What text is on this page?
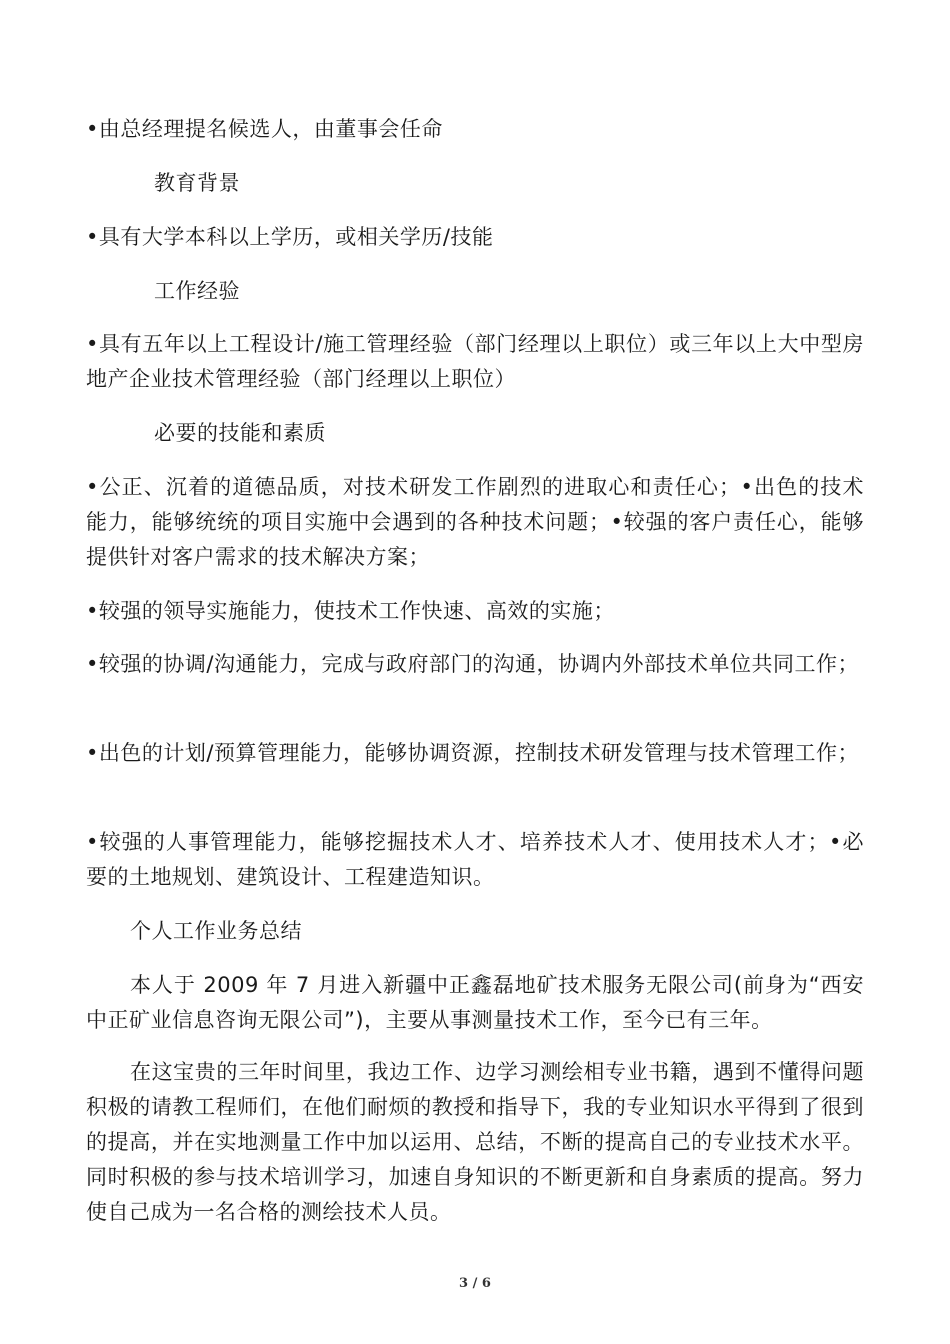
•由总经理提名候选人，由董事会任命

教育背景

•具有大学本科以上学历，或相关学历/技能

工作经验

•具有五年以上工程设计/施工管理经验（部门经理以上职位）或三年以上大中型房地产企业技术管理经验（部门经理以上职位）

必要的技能和素质

•公正、沉着的道德品质，对技术研发工作剧烈的进取心和责任心；•出色的技术能力，能够统统的项目实施中会遇到的各种技术问题；•较强的客户责任心，能够提供针对客户需求的技术解决方案；

•较强的领导实施能力，使技术工作快速、高效的实施；

•较强的协调/沟通能力，完成与政府部门的沟通，协调内外部技术单位共同工作；

•出色的计划/预算管理能力，能够协调资源，控制技术研发管理与技术管理工作；

•较强的人事管理能力，能够挖掘技术人才、培养技术人才、使用技术人才；•必要的土地规划、建筑设计、工程建造知识。

个人工作业务总结

本人于 2009 年 7 月进入新疆中正鑫磊地矿技术服务无限公司(前身为“西安中正矿业信息咨询无限公司”)，主要从事测量技术工作，至今已有三年。

在这宝贵的三年时间里，我边工作、边学习测绘相专业书籍，遇到不懂得问题积极的请教工程师们，在他们耐烦的教授和指导下，我的专业知识水平得到了很到的提高，并在实地测量工作中加以运用、总结，不断的提高自己的专业技术水平。同时积极的参与技术培训学习，加速自身知识的不断更新和自身素质的提高。努力使自己成为一名合格的测绘技术人员。

3 / 6
